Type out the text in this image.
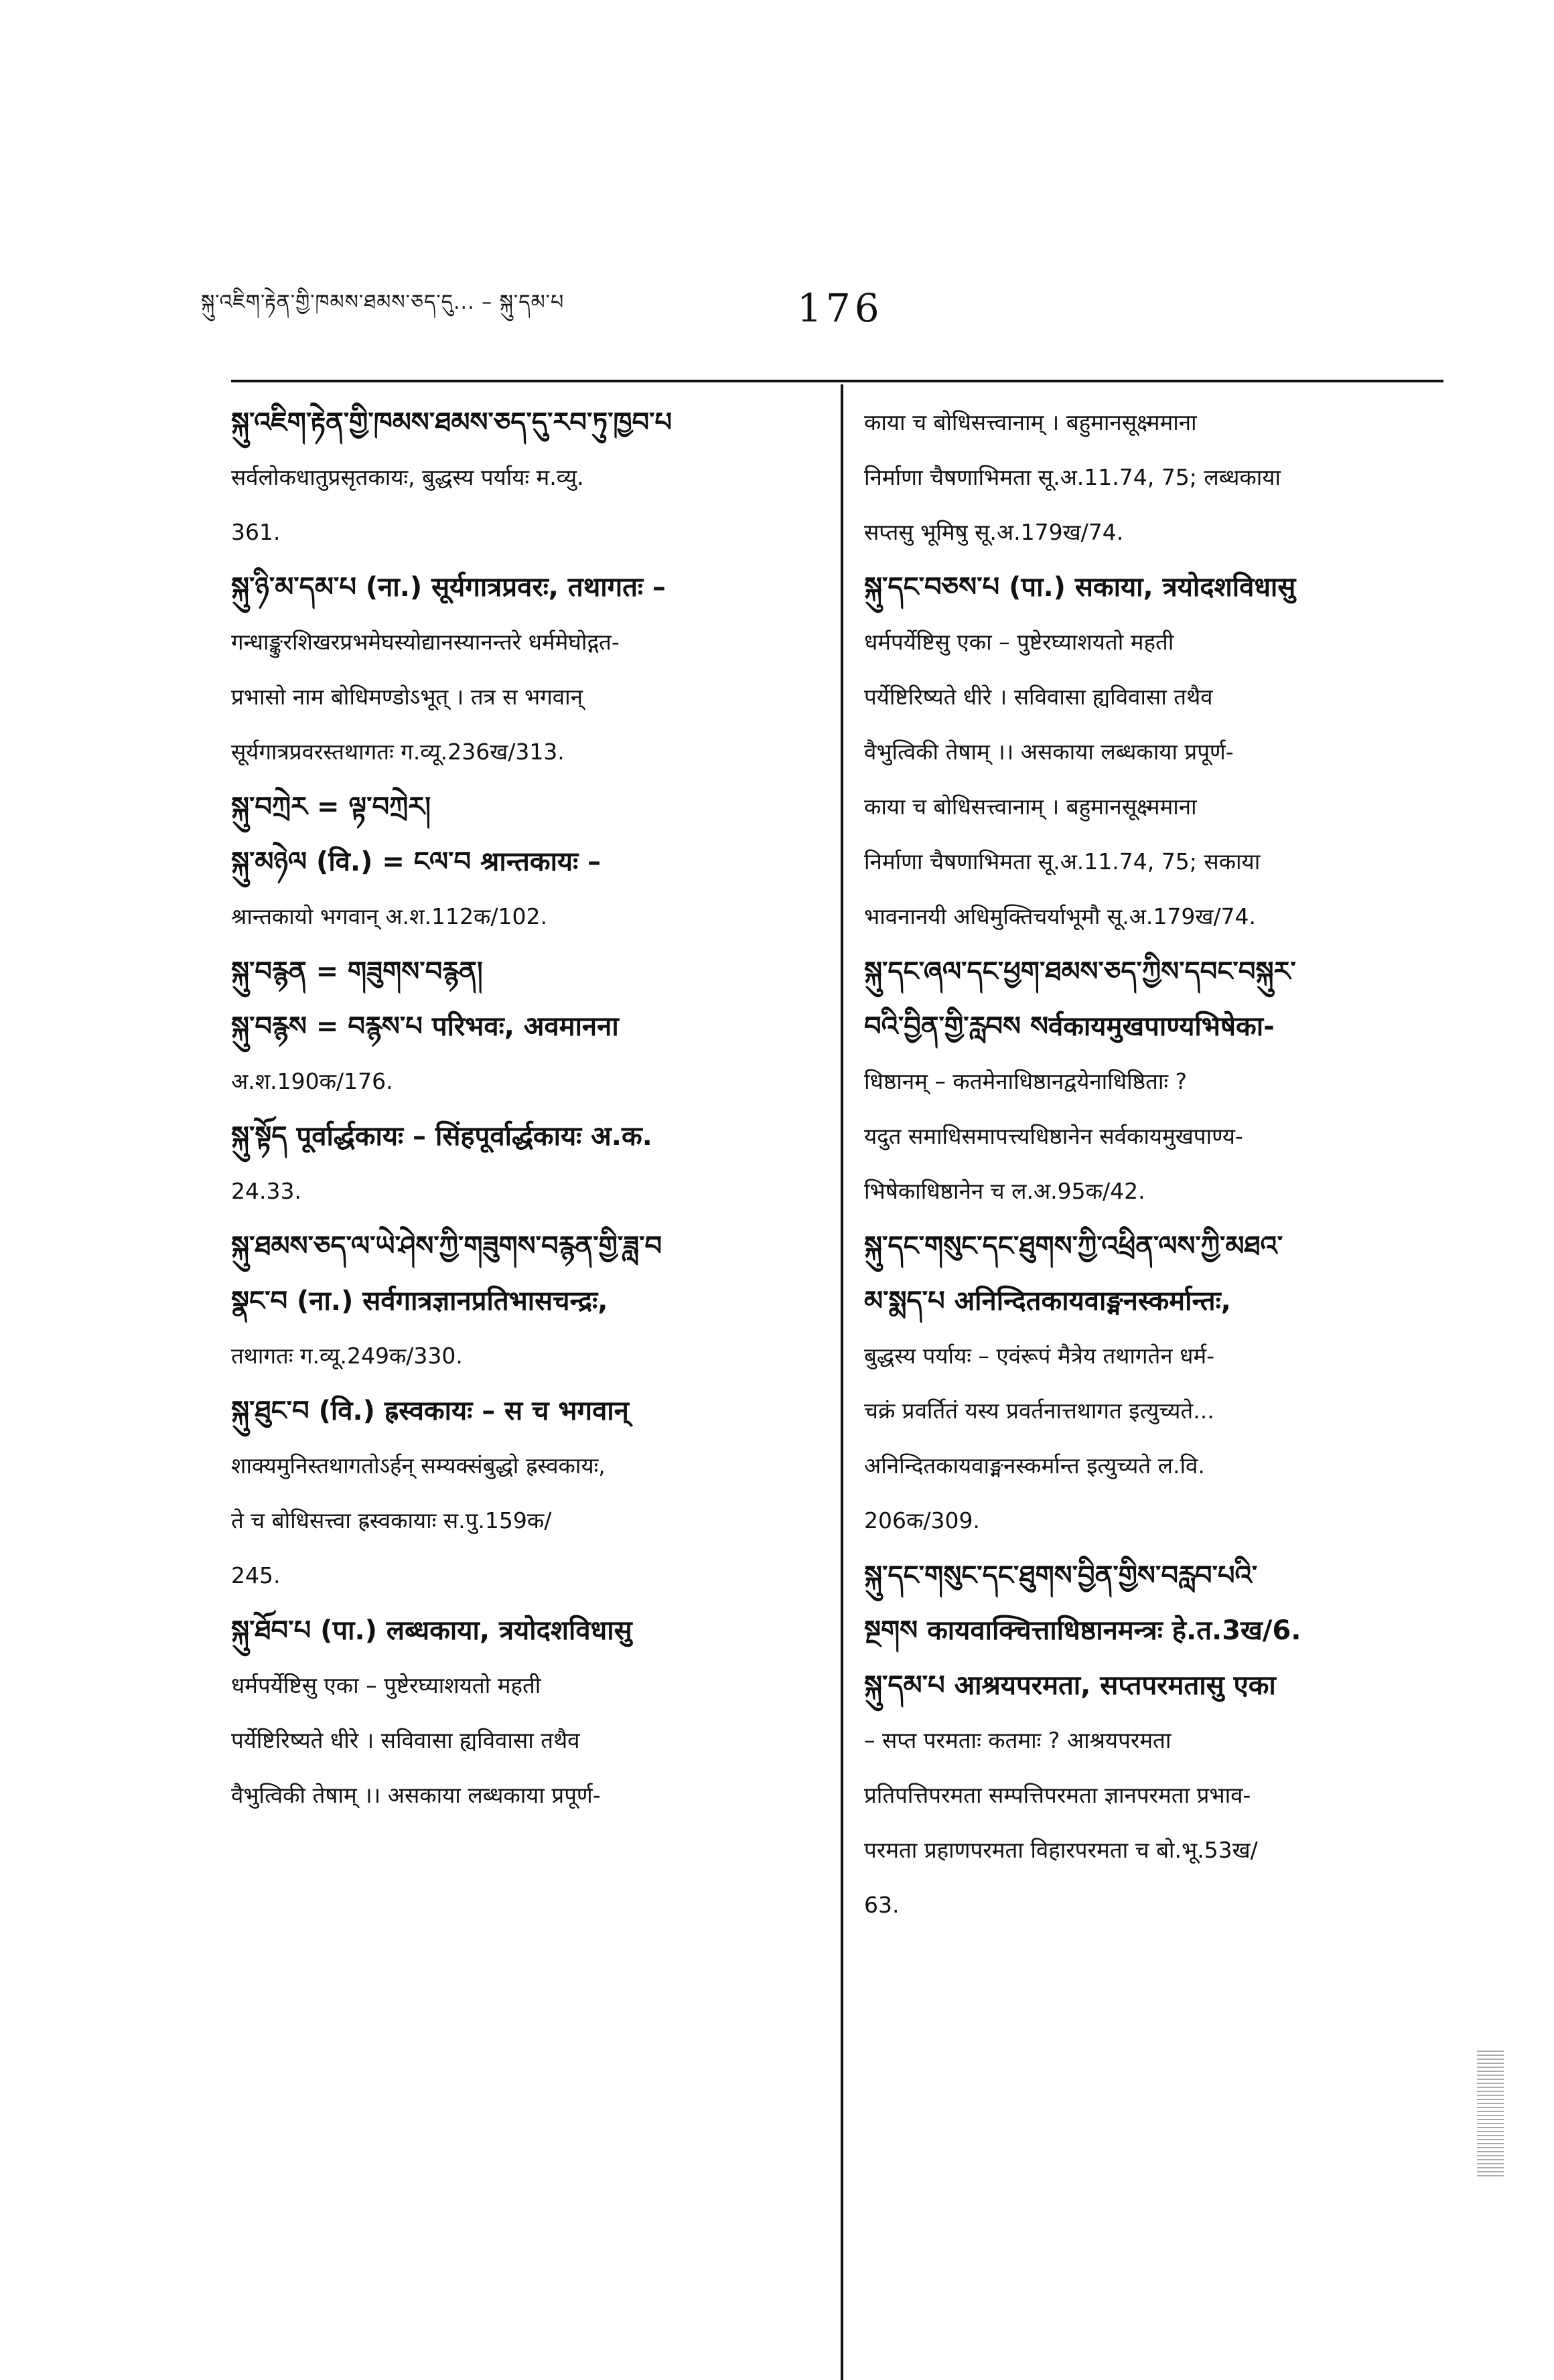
སྐུ་འཇིག་རྟེན་གྱི་ཁམས་ཐམས་ཅད་དུ... – སྐུ་དམ་པ	176
སྐུ་འཇིག་རྟེན་གྱི་ཁམས་ཐམས་ཅད་དུ་རབ་ཏུ་ཁྱབ་པ
सर्वलोकधातुप्रसृतकायः, बुद्धस्य पर्यायः म.व्यु.
361.
སྐུ་ཉི་མ་དམ་པ (ना.) सूर्यगात्रप्रवरः, तथागतः –
गन्धाङ्कुरशिखरप्रभमेघस्योद्यानस्यानन्तरे धर्ममेघोद्गत-
प्रभासो नाम बोधिमण्डोऽभूत् । तत्र स भगवान्
सूर्यगात्रप्रवरस्तथागतः ग.व्यू.236ख/313.
སྐུ་བཀྲེར = ལྟ་བཀྲེར།
སྐུ་མཉེལ (वि.) = ངལ་བ श्रान्तकायः –
श्रान्तकायो भगवान् अ.श.112क/102.
སྐུ་བརྙན = གཟུགས་བརྙན།
སྐུ་བརྙས = བརྙས་པ परिभवः, अवमानना
अ.श.190क/176.
སྐུ་སྟོད पूर्वार्द्धकायः – सिंहपूर्वार्द्धकायः अ.क.
24.33.
སྐུ་ཐམས་ཅད་ལ་ཡེ་ཤེས་ཀྱི་གཟུགས་བརྙན་གྱི་ཟླ་བ
སྣང་བ (ना.) सर्वगात्रज्ञानप्रतिभासचन्द्रः,
तथागतः ग.व्यू.249क/330.
སྐུ་ཐུང་བ (वि.) ह्रस्वकायः – स च भगवान्
शाक्यमुनिस्तथागतोऽर्हन् सम्यक्संबुद्धो ह्रस्वकायः,
ते च बोधिसत्त्वा ह्रस्वकायाः स.पु.159क/
245.
སྐུ་ཐོབ་པ (पा.) लब्धकाया, त्रयोदशविधासु
धर्मपर्येष्टिसु एका – पुष्टेरघ्याशयतो महती
पर्येष्टिरिष्यते धीरे । सविवासा ह्यविवासा तथैव
वैभुत्विकी तेषाम् ।। असकाया लब्धकाया प्रपूर्ण-
काया च बोधिसत्त्वानाम् । बहुमानसूक्ष्ममाना
निर्माणा चैषणाभिमता सू.अ.11.74, 75; लब्धकाया
सप्तसु भूमिषु सू.अ.179ख/74.
སྐུ་དང་བཅས་པ (पा.) सकाया, त्रयोदशविधासु
धर्मपर्येष्टिसु एका – पुष्टेरघ्याशयतो महती
पर्येष्टिरिष्यते धीरे । सविवासा ह्यविवासा तथैव
वैभुत्विकी तेषाम् ।। असकाया लब्धकाया प्रपूर्ण-
काया च बोधिसत्त्वानाम् । बहुमानसूक्ष्ममाना
निर्माणा चैषणाभिमता सू.अ.11.74, 75; सकाया
भावनानयी अधिमुक्तिचर्याभूमौ सू.अ.179ख/74.
སྐུ་དང་ཞལ་དང་ཕྱག་ཐམས་ཅད་ཀྱིས་དབང་བསྐུར་
བའི་བྱིན་གྱི་རླབས སर्वकायमुखपाण्यभिषेका-
धिष्ठानम् – कतमेनाधिष्ठानद्वयेनाधिष्ठिताः ?
यदुत समाधिसमापत्त्यधिष्ठानेन सर्वकायमुखपाण्य-
भिषेकाधिष्ठानेन च ल.अ.95क/42.
སྐུ་དང་གསུང་དང་ཐུགས་ཀྱི་འཕྲིན་ལས་ཀྱི་མཐའ་
མ་སྨད་པ अनिन्दितकायवाङ्मनस्कर्मान्तः,
बुद्धस्य पर्यायः – एवंरूपं मैत्रेय तथागतेन धर्म-
चक्रं प्रवर्तितं यस्य प्रवर्तनात्तथागत इत्युच्यते...
अनिन्दितकायवाङ्मनस्कर्मान्त इत्युच्यते ल.वि.
206क/309.
སྐུ་དང་གསུང་དང་ཐུགས་བྱིན་གྱིས་བརླབ་པའི་
སྔགས कायवाक्चित्ताधिष्ठानमन्त्रः हे.त.3ख/6.
སྐུ་དམ་པ आश्रयपरमता, सप्तपरमतासु एका
– सप्त परमताः कतमाः ? आश्रयपरमता
प्रतिपत्तिपरमता सम्पत्तिपरमता ज्ञानपरमता प्रभाव-
परमता प्रहाणपरमता विहारपरमता च बो.भू.53ख/
63.
